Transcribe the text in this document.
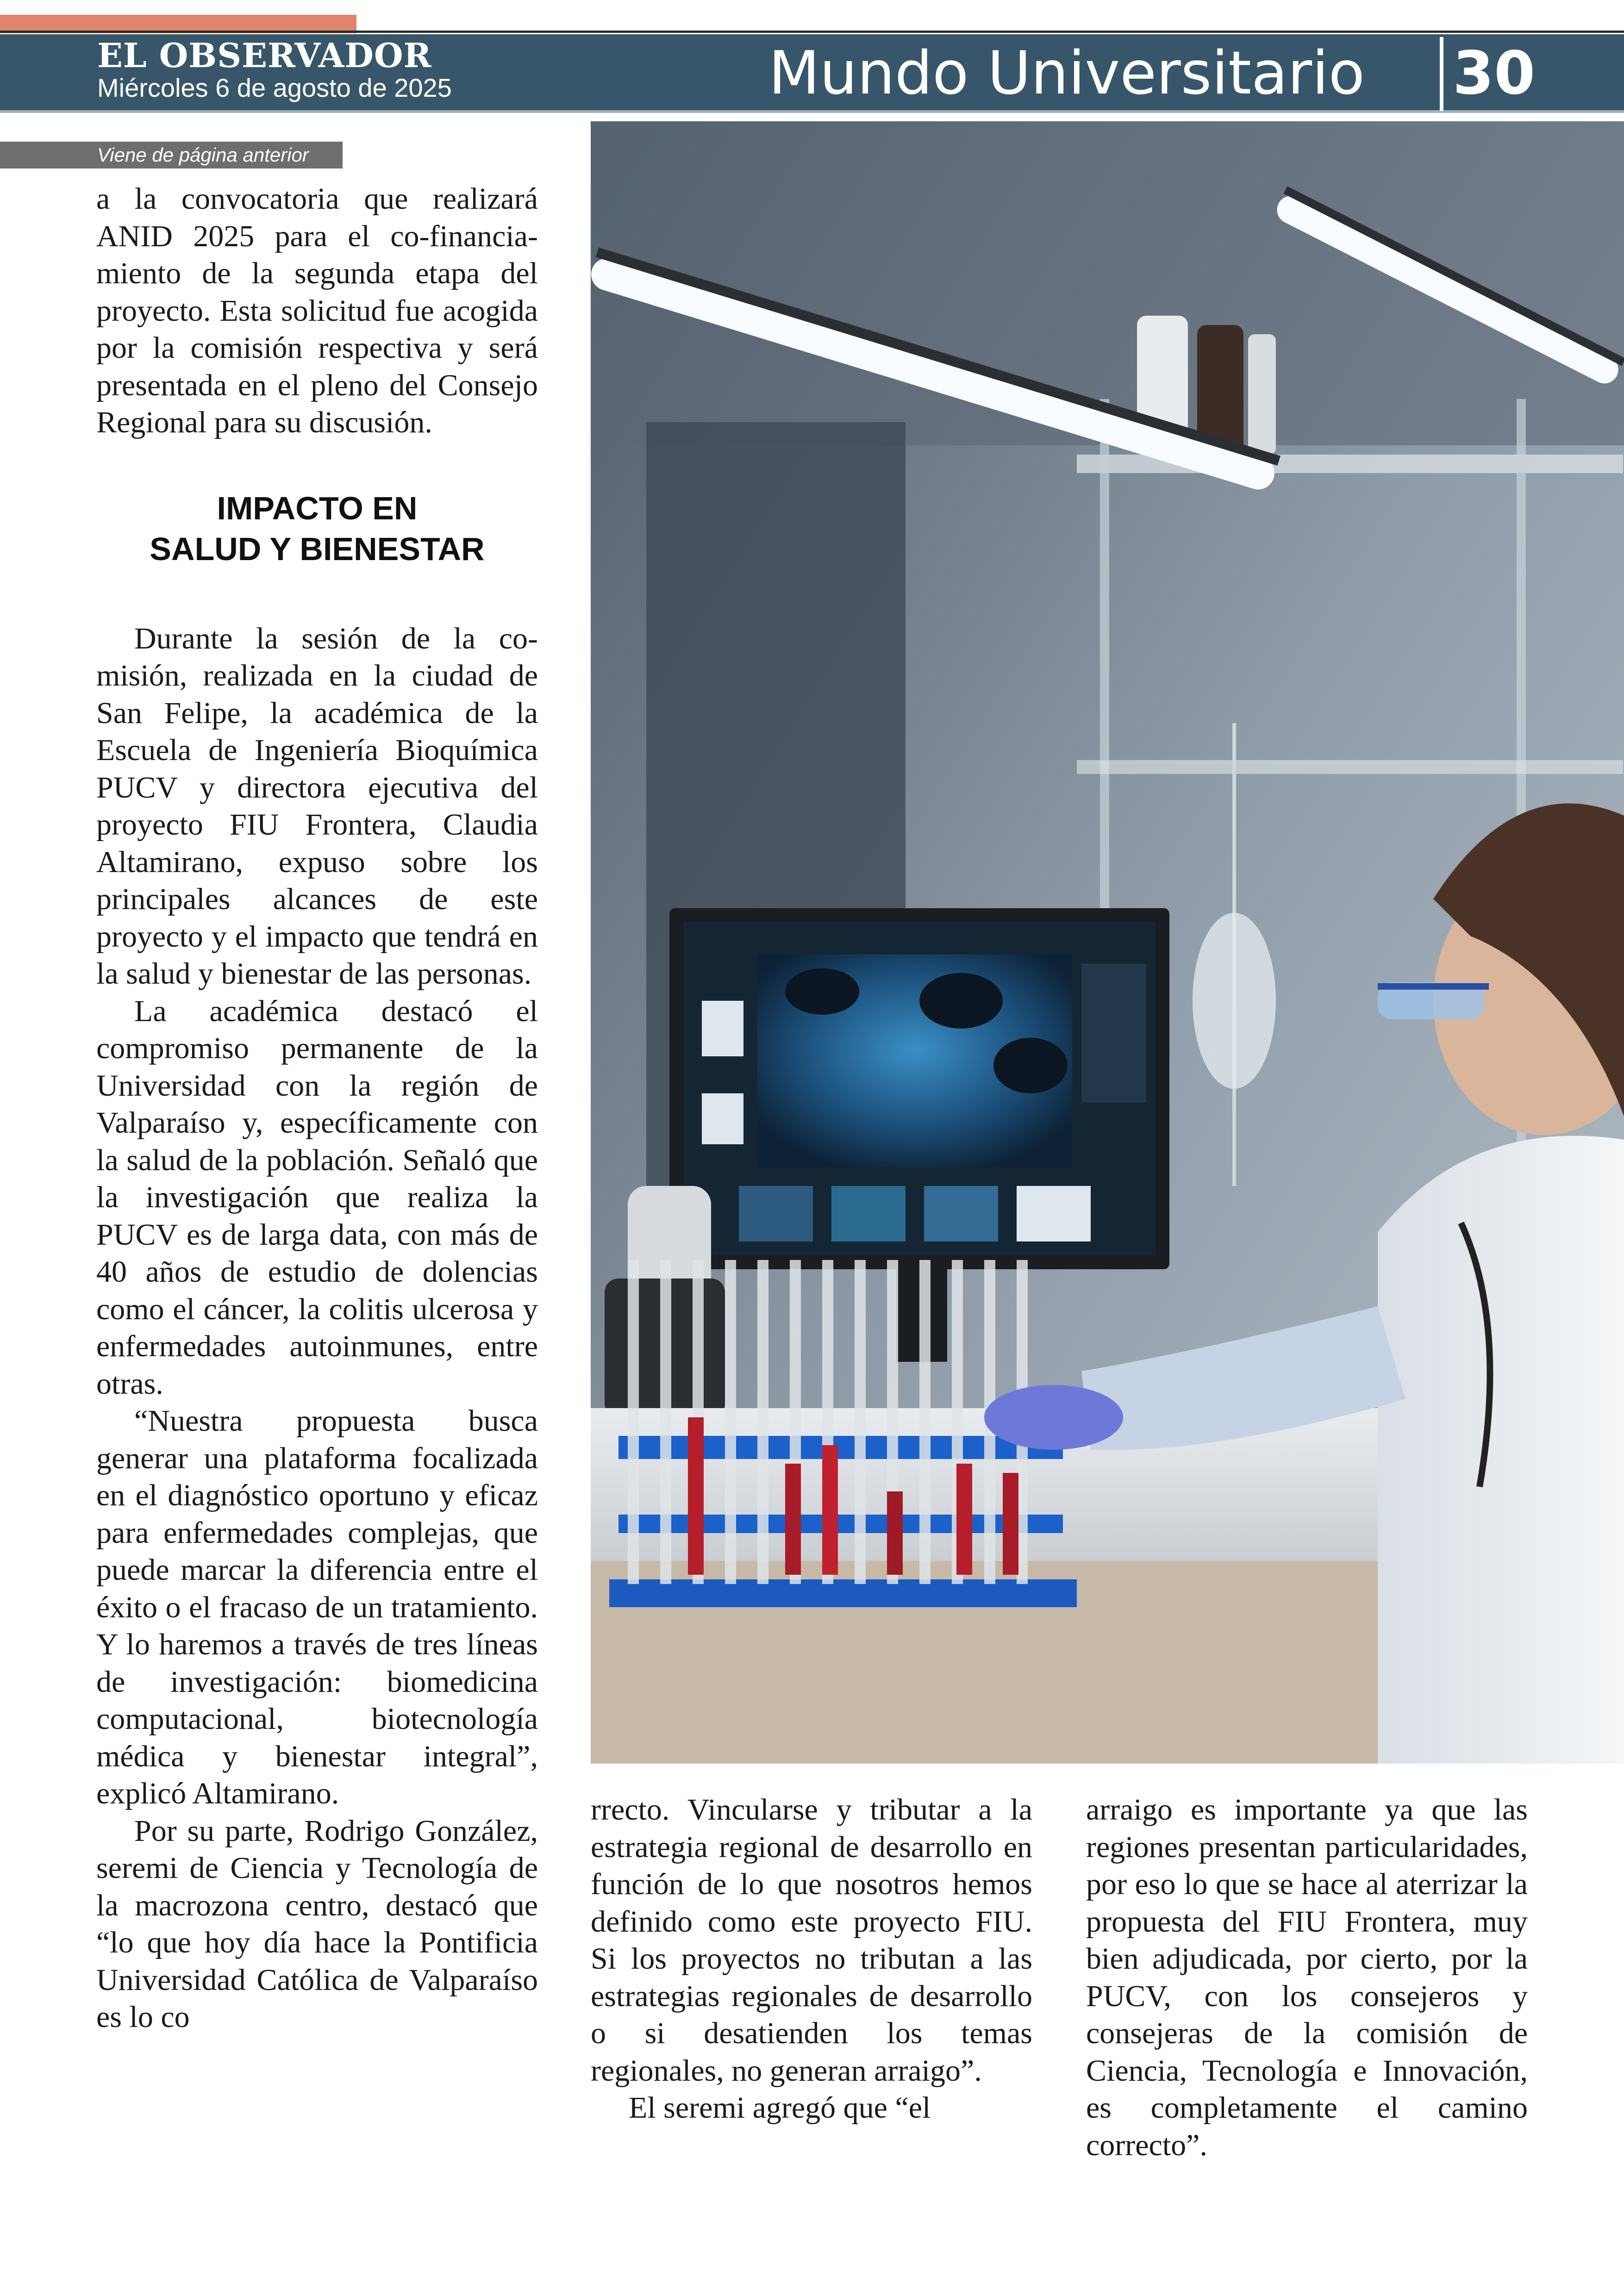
EL OBSERVADOR
Miércoles 6 de agosto de 2025	Mundo Universitario 30
Viene de página anterior

a la convocatoria que realizará ANID 2025 para el co-financiamiento de la segunda etapa del proyecto. Esta solicitud fue acogida por la comisión respectiva y será presentada en el pleno del Consejo Regional para su discusión.

IMPACTO EN
SALUD Y BIENESTAR

Durante la sesión de la comisión, realizada en la ciudad de San Felipe, la académica de la Escuela de Ingeniería Bioquímica PUCV y directora ejecutiva del proyecto FIU Frontera, Claudia Altamirano, expuso sobre los principales alcances de este proyecto y el impacto que tendrá en la salud y bienestar de las personas.

La académica destacó el compromiso permanente de la Universidad con la región de Valparaíso y, específicamente con la salud de la población. Señaló que la investigación que realiza la PUCV es de larga data, con más de 40 años de estudio de dolencias como el cáncer, la colitis ulcerosa y enfermedades autoinmunes, entre otras.

“Nuestra propuesta busca generar una plataforma focalizada en el diagnóstico oportuno y eficaz para enfermedades complejas, que puede marcar la diferencia entre el éxito o el fracaso de un tratamiento. Y lo haremos a través de tres líneas de investigación: biomedicina computacional, biotecnología médica y bienestar integral”, explicó Altamirano.

Por su parte, Rodrigo González, seremi de Ciencia y Tecnología de la macrozona centro, destacó que “lo que hoy día hace la Pontificia Universidad Católica de Valparaíso es lo co

rrecto. Vincularse y tributar a la estrategia regional de desarrollo en función de lo que nosotros hemos definido como este proyecto FIU. Si los proyectos no tributan a las estrategias regionales de desarrollo o si desatienden los temas regionales, no generan arraigo”.

El seremi agregó que “el

arraigo es importante ya que las regiones presentan particularidades, por eso lo que se hace al aterrizar la propuesta del FIU Frontera, muy bien adjudicada, por cierto, por la PUCV, con los consejeros y consejeras de la comisión de Ciencia, Tecnología e Innovación, es completamente el camino correcto”.
